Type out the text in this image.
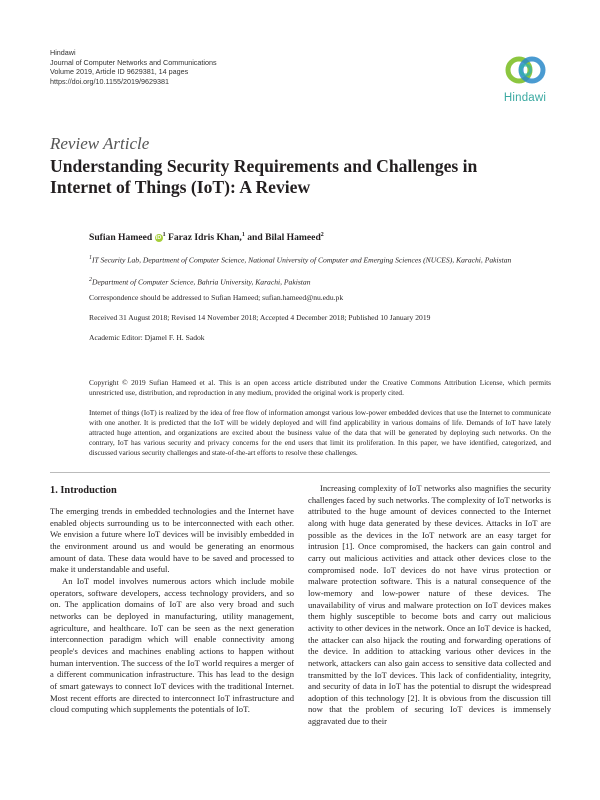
Hindawi
Journal of Computer Networks and Communications
Volume 2019, Article ID 9629381, 14 pages
https://doi.org/10.1155/2019/9629381
Hindawi
Review Article
Understanding Security Requirements and Challenges in Internet of Things (IoT): A Review
Sufian Hameed $iD^1$ Faraz Idris Khan,$^1$ and Bilal Hameed$^2$
$^1$IT Security Lab, Department of Computer Science, National University of Computer and Emerging Sciences (NUCES), Karachi, Pakistan
$^2$Department of Computer Science, Bahria University, Karachi, Pakistan
Correspondence should be addressed to Sufian Hameed; sufian.hameed@nu.edu.pk
Received 31 August 2018; Revised 14 November 2018; Accepted 4 December 2018; Published 10 January 2019
Academic Editor: Djamel F. H. Sadok
Copyright © 2019 Sufian Hameed et al. This is an open access article distributed under the Creative Commons Attribution License, which permits unrestricted use, distribution, and reproduction in any medium, provided the original work is properly cited.
Internet of things (IoT) is realized by the idea of free flow of information amongst various low-power embedded devices that use the Internet to communicate with one another. It is predicted that the IoT will be widely deployed and will find applicability in various domains of life. Demands of IoT have lately attracted huge attention, and organizations are excited about the business value of the data that will be generated by deploying such networks. On the contrary, IoT has various security and privacy concerns for the end users that limit its proliferation. In this paper, we have identified, categorized, and discussed various security challenges and state-of-the-art efforts to resolve these challenges.
1. Introduction

The emerging trends in embedded technologies and the Internet have enabled objects surrounding us to be interconnected with each other. We envision a future where IoT devices will be invisibly embedded in the environment around us and would be generating an enormous amount of data. These data would have to be saved and processed to make it understandable and useful.

An IoT model involves numerous actors which include mobile operators, software developers, access technology providers, and so on. The application domains of IoT are also very broad and such networks can be deployed in manufacturing, utility management, agriculture, and healthcare. IoT can be seen as the next generation interconnection paradigm which will enable connectivity among people's devices and machines enabling actions to happen without human intervention. The success of the IoT world requires a merger of a different communication infrastructure. This has lead to the design of smart gateways to connect IoT devices with the traditional Internet. Most recent efforts are directed to interconnect IoT infrastructure and cloud computing which supplements the potentials of IoT.

Increasing complexity of IoT networks also magnifies the security challenges faced by such networks. The complexity of IoT networks is attributed to the huge amount of devices connected to the Internet along with huge data generated by these devices. Attacks in IoT are possible as the devices in the IoT network are an easy target for intrusion [1]. Once compromised, the hackers can gain control and carry out malicious activities and attack other devices close to the compromised node. IoT devices do not have virus protection or malware protection software. This is a natural consequence of the low-memory and low-power nature of these devices. The unavailability of virus and malware protection on IoT devices makes them highly susceptible to become bots and carry out malicious activity to other devices in the network. Once an IoT device is hacked, the attacker can also hijack the routing and forwarding operations of the device. In addition to attacking various other devices in the network, attackers can also gain access to sensitive data collected and transmitted by the IoT devices. This lack of confidentiality, integrity, and security of data in IoT has the potential to disrupt the widespread adoption of this technology [2]. It is obvious from the discussion till now that the problem of securing IoT devices is immensely aggravated due to their
